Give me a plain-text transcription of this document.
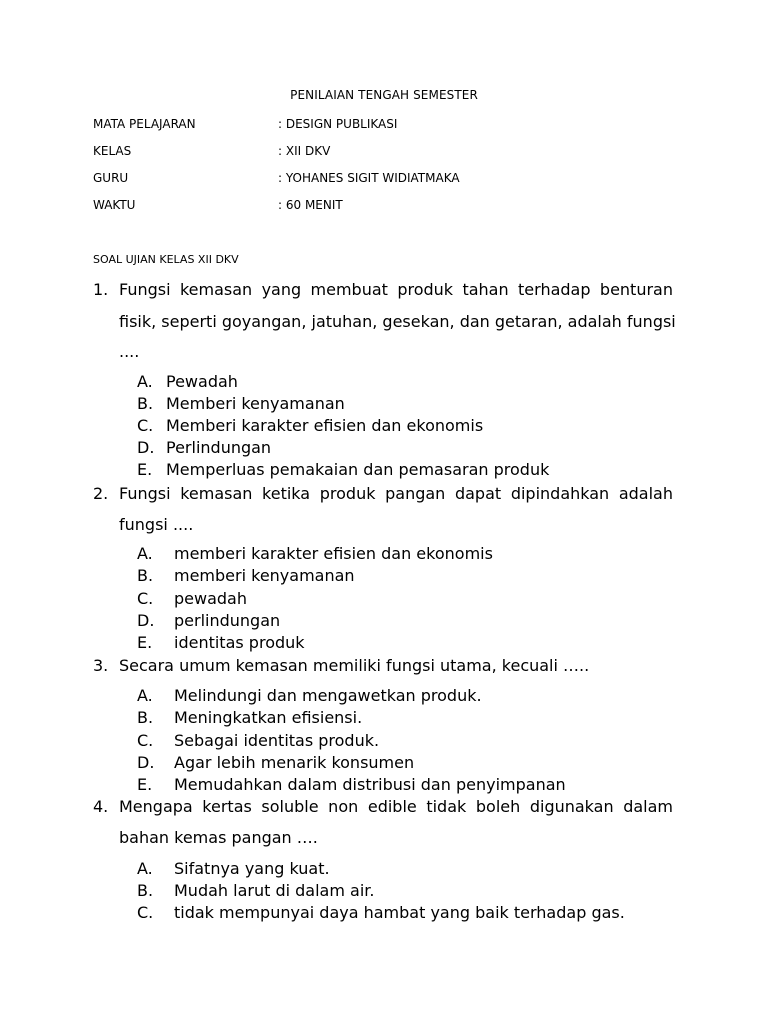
PENILAIAN TENGAH SEMESTER
MATA PELAJARAN	: DESIGN PUBLIKASI
KELAS	: XII DKV
GURU	: YOHANES SIGIT WIDIATMAKA
WAKTU	: 60 MENIT
SOAL UJIAN KELAS XII DKV
1. Fungsi kemasan yang membuat produk tahan terhadap benturan
fisik, seperti goyangan, jatuhan, gesekan, dan getaran, adalah fungsi
....
A. Pewadah
B. Memberi kenyamanan
C. Memberi karakter efisien dan ekonomis
D. Perlindungan
E. Memperluas pemakaian dan pemasaran produk
2. Fungsi kemasan ketika produk pangan dapat dipindahkan adalah
fungsi ....
A. memberi karakter efisien dan ekonomis
B. memberi kenyamanan
C. pewadah
D. perlindungan
E. identitas produk
3. Secara umum kemasan memiliki fungsi utama, kecuali …..
A. Melindungi dan mengawetkan produk.
B. Meningkatkan efisiensi.
C. Sebagai identitas produk.
D. Agar lebih menarik konsumen
E. Memudahkan dalam distribusi dan penyimpanan
4. Mengapa kertas soluble non edible tidak boleh digunakan dalam
bahan kemas pangan ….
A. Sifatnya yang kuat.
B. Mudah larut di dalam air.
C. tidak mempunyai daya hambat yang baik terhadap gas.
